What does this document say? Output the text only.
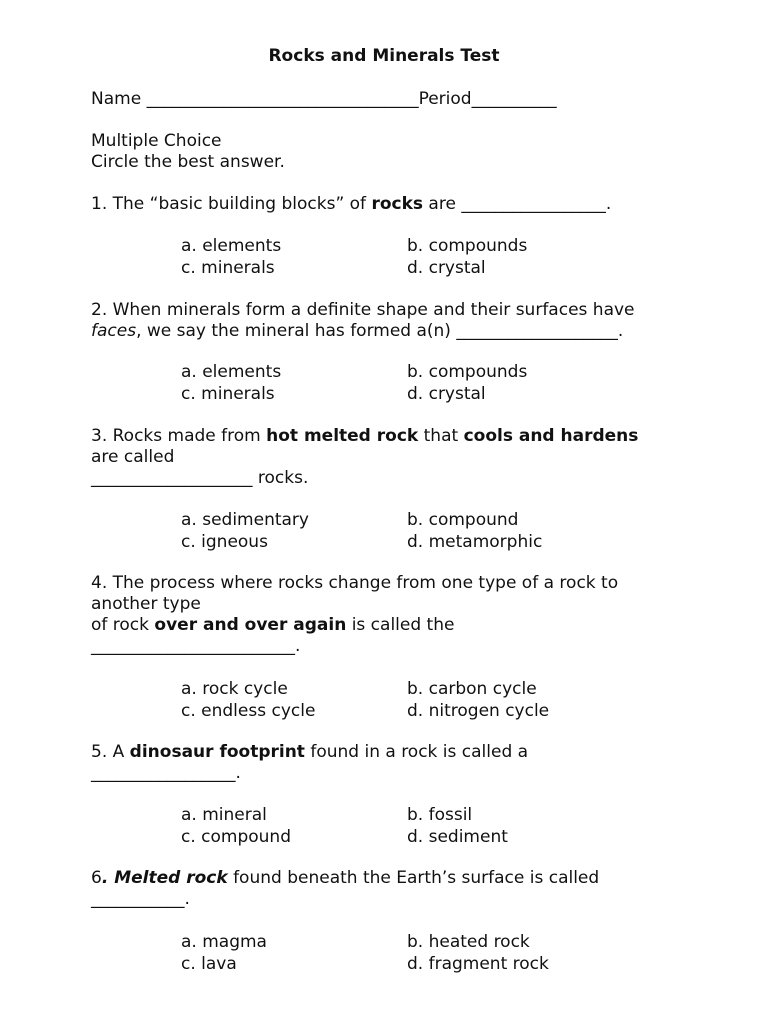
Rocks and Minerals Test
Name ________________________________Period__________
Multiple Choice
Circle the best answer.
1. The “basic building blocks” of rocks are _________________.
a. elements	b. compounds
c. minerals	d. crystal
2. When minerals form a definite shape and their surfaces have
faces, we say the mineral has formed a(n) ___________________.
a. elements	b. compounds
c. minerals	d. crystal
3. Rocks made from hot melted rock that cools and hardens
are called
___________________ rocks.
a. sedimentary	b. compound
c. igneous	d. metamorphic
4. The process where rocks change from one type of a rock to
another type
of rock over and over again is called the
________________________.
a. rock cycle	b. carbon cycle
c. endless cycle	d. nitrogen cycle
5. A dinosaur footprint found in a rock is called a
_________________.
a. mineral	b. fossil
c. compound	d. sediment
6. Melted rock found beneath the Earth’s surface is called
___________.
a. magma	b. heated rock
c. lava	d. fragment rock
